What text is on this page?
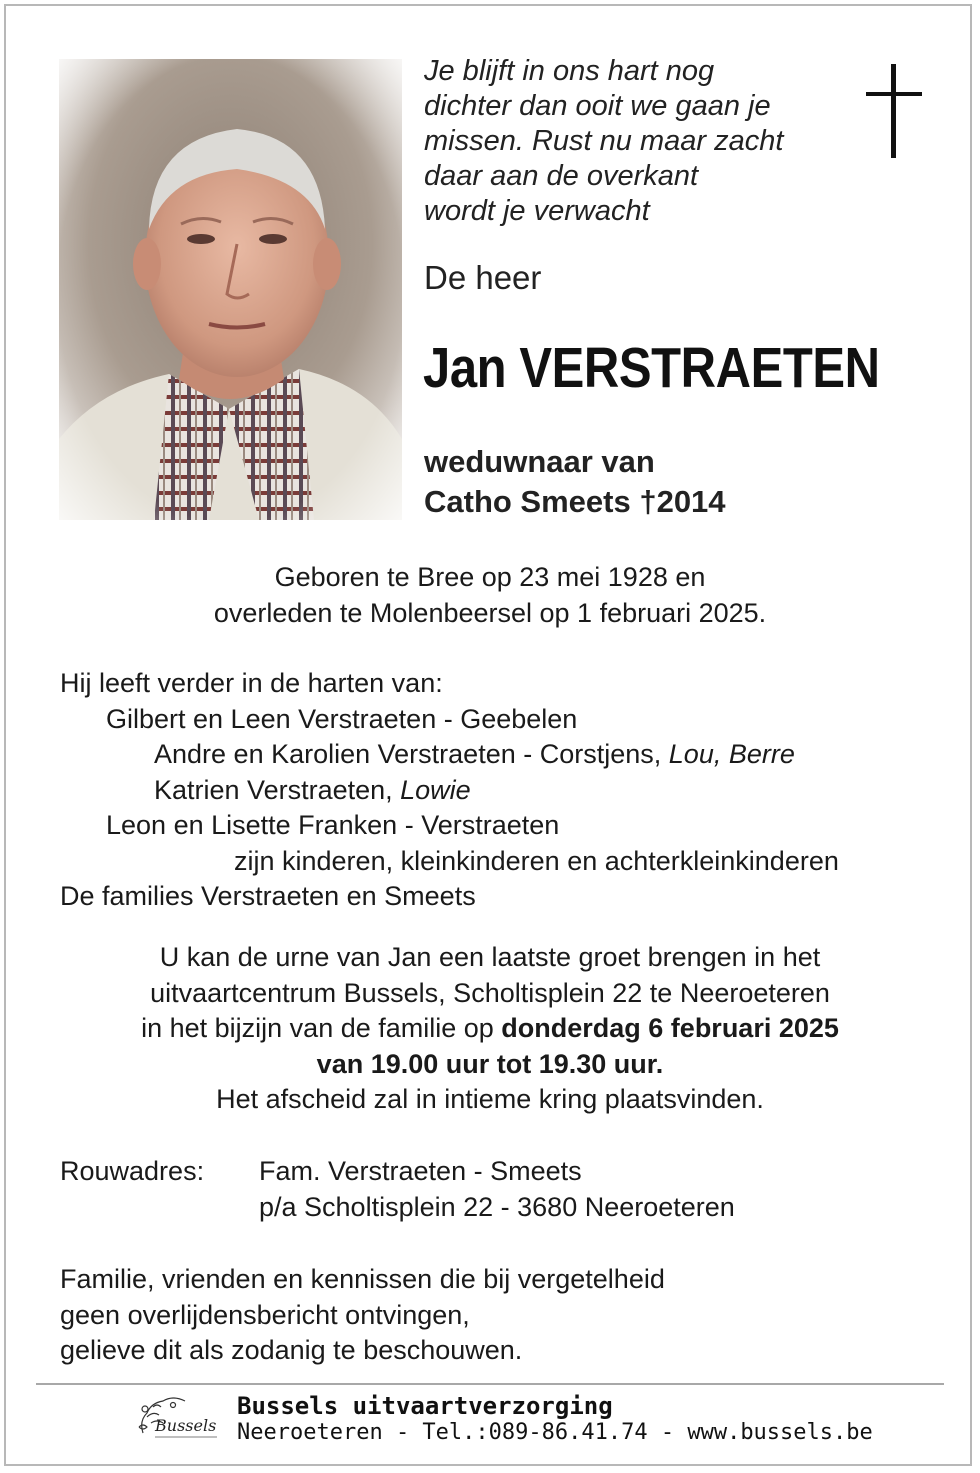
Je blijft in ons hart nog
dichter dan ooit we gaan je
missen. Rust nu maar zacht
daar aan de overkant
wordt je verwacht
De heer
Jan VERSTRAETEN
weduwnaar van
Catho Smeets †2014
Geboren te Bree op 23 mei 1928 en
overleden te Molenbeersel op 1 februari 2025.
Hij leeft verder in de harten van:
Gilbert en Leen Verstraeten - Geebelen
Andre en Karolien Verstraeten - Corstjens, Lou, Berre
Katrien Verstraeten, Lowie
Leon en Lisette Franken - Verstraeten
zijn kinderen, kleinkinderen en achterkleinkinderen
De families Verstraeten en Smeets
U kan de urne van Jan een laatste groet brengen in het
uitvaartcentrum Bussels, Scholtisplein 22 te Neeroeteren
in het bijzijn van de familie op donderdag 6 februari 2025
van 19.00 uur tot 19.30 uur.
Het afscheid zal in intieme kring plaatsvinden.
Rouwadres: Fam. Verstraeten - Smeets
p/a Scholtisplein 22 - 3680 Neeroeteren
Familie, vrienden en kennissen die bij vergetelheid
geen overlijdensbericht ontvingen,
gelieve dit als zodanig te beschouwen.
Bussels
Bussels uitvaartverzorging
Neeroeteren - Tel.:089-86.41.74 - www.bussels.be
